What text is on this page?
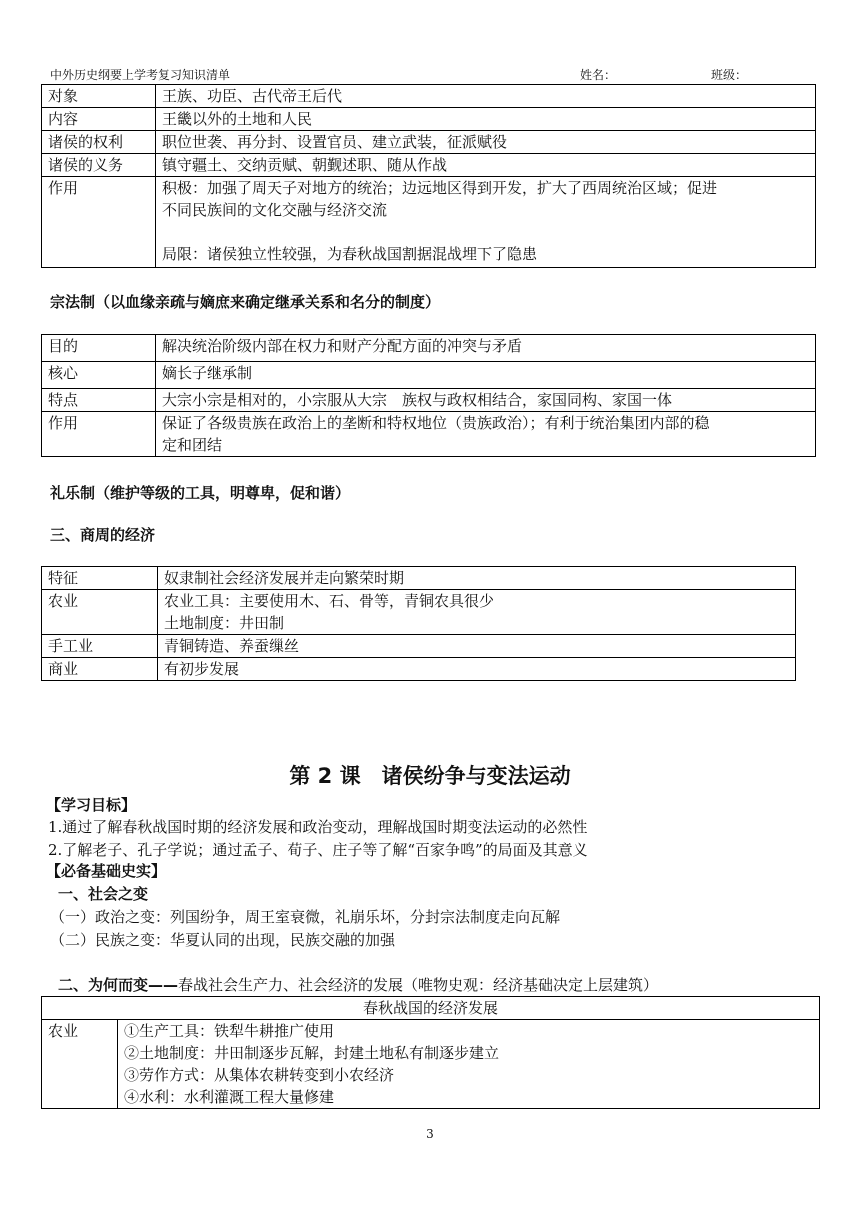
中外历史纲要上学考复习知识清单	姓名：	班级：
对象	王族、功臣、古代帝王后代
内容	王畿以外的土地和人民
诸侯的权利	职位世袭、再分封、设置官员、建立武装，征派赋役
诸侯的义务	镇守疆土、交纳贡赋、朝觐述职、随从作战
作用	积极：加强了周天子对地方的统治；边远地区得到开发，扩大了西周统治区域；促进
不同民族间的文化交融与经济交流
局限：诸侯独立性较强，为春秋战国割据混战埋下了隐患
宗法制（以血缘亲疏与嫡庶来确定继承关系和名分的制度）
目的	解决统治阶级内部在权力和财产分配方面的冲突与矛盾
核心	嫡长子继承制
特点	大宗小宗是相对的，小宗服从大宗　族权与政权相结合，家国同构、家国一体
作用	保证了各级贵族在政治上的垄断和特权地位（贵族政治）；有利于统治集团内部的稳
定和团结
礼乐制（维护等级的工具，明尊卑，促和谐）
三、商周的经济
特征	奴隶制社会经济发展并走向繁荣时期
农业	农业工具：主要使用木、石、骨等，青铜农具很少
土地制度：井田制

手工业	青铜铸造、养蚕缫丝
商业	有初步发展
第 2 课　诸侯纷争与变法运动
【学习目标】
1.通过了解春秋战国时期的经济发展和政治变动，理解战国时期变法运动的必然性
2.了解老子、孔子学说；通过孟子、荀子、庄子等了解“百家争鸣”的局面及其意义
【必备基础史实】
一、社会之变
（一）政治之变：列国纷争，周王室衰微，礼崩乐坏，分封宗法制度走向瓦解
（二）民族之变：华夏认同的出现，民族交融的加强
二、为何而变——春战社会生产力、社会经济的发展（唯物史观：经济基础决定上层建筑）
春秋战国的经济发展
农业	①生产工具：铁犁牛耕推广使用
②土地制度：井田制逐步瓦解，封建土地私有制逐步建立
③劳作方式：从集体农耕转变到小农经济
④水利：水利灌溉工程大量修建
3
